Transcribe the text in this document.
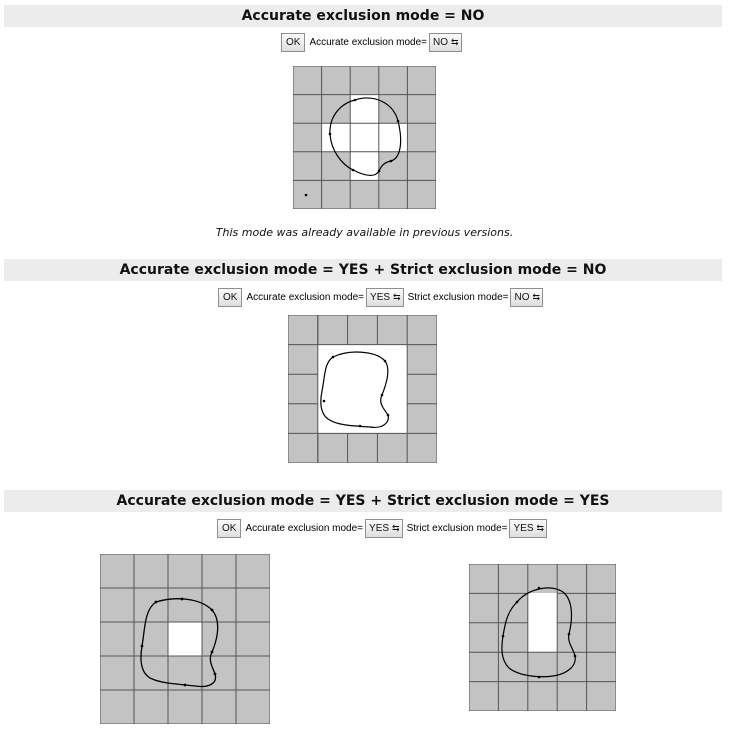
Accurate exclusion mode = NO
OK Accurate exclusion mode= NO ⇆
This mode was already available in previous versions.
Accurate exclusion mode = YES + Strict exclusion mode = NO
OK Accurate exclusion mode= YES ⇆ Strict exclusion mode= NO ⇆
Accurate exclusion mode = YES + Strict exclusion mode = YES
OK Accurate exclusion mode= YES ⇆ Strict exclusion mode= YES ⇆
